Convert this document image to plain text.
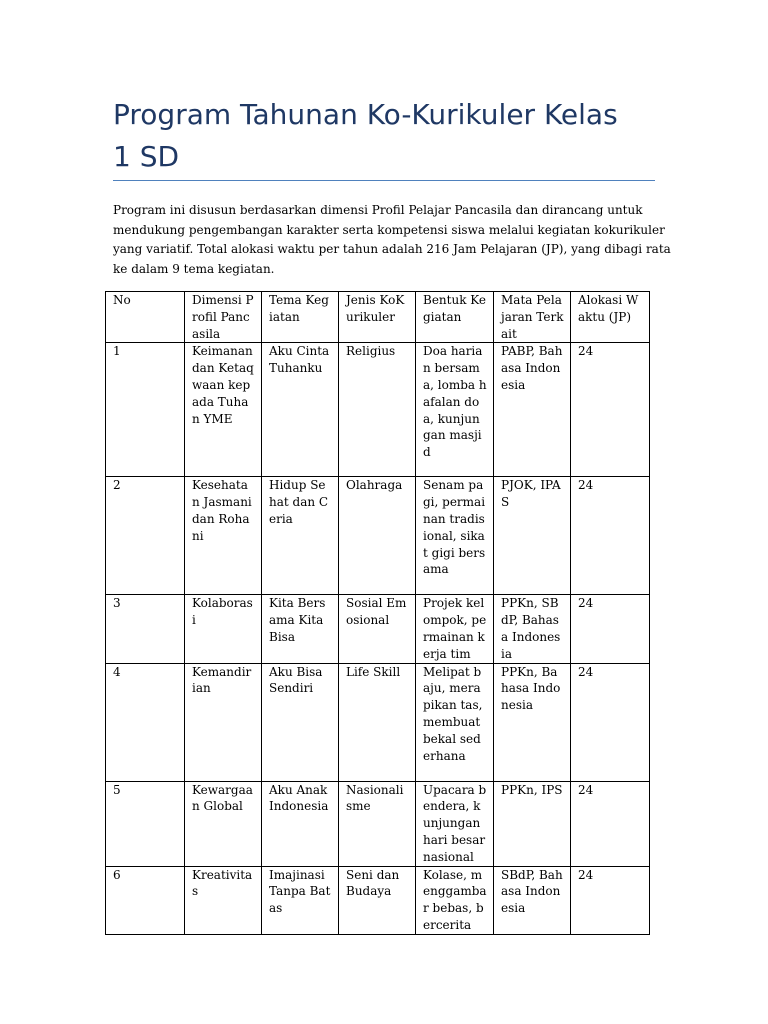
Program Tahunan Ko-Kurikuler Kelas 1 SD

Program ini disusun berdasarkan dimensi Profil Pelajar Pancasila dan dirancang untuk
mendukung pengembangan karakter serta kompetensi siswa melalui kegiatan kokurikuler
yang variatif. Total alokasi waktu per tahun adalah 216 Jam Pelajaran (JP), yang dibagi rata
ke dalam 9 tema kegiatan.

No	Dimensi Profil Pancasila	Tema Kegiatan	Jenis KoKurikuler	Bentuk Kegiatan	Mata Pelajaran Terkait	Alokasi Waktu (JP)

1	Keimanan dan Ketaqwaan kepada Tuhan YME	Aku Cinta Tuhanku	Religius	Doa harian bersama, lomba hafalan doa, kunjungan masjid	PABP, Bahasa Indonesia	24

2	Kesehatan Jasmani dan Rohani	Hidup Sehat dan Ceria	Olahraga	Senam pagi, permainan tradisional, sikat gigi bersama	PJOK, IPAS	24

3	Kolaborasi	Kita Bersama Kita Bisa	Sosial Emosional	Projek kelompok, permainan kerja tim	PPKn, SBdP, Bahasa Indonesia	24

4	Kemandirian	Aku Bisa Sendiri	Life Skill	Melipat baju, merapikan tas, membuat bekal sederhana	PPKn, Bahasa Indonesia	24

5	Kewargaan Global	Aku Anak Indonesia	Nasionalisme	Upacara bendera, kunjungan hari besar nasional	PPKn, IPS	24

6	Kreativitas	Imajinasi Tanpa Batas	Seni dan Budaya	Kolase, menggambar bebas, bercerita	SBdP, Bahasa Indonesia	24
